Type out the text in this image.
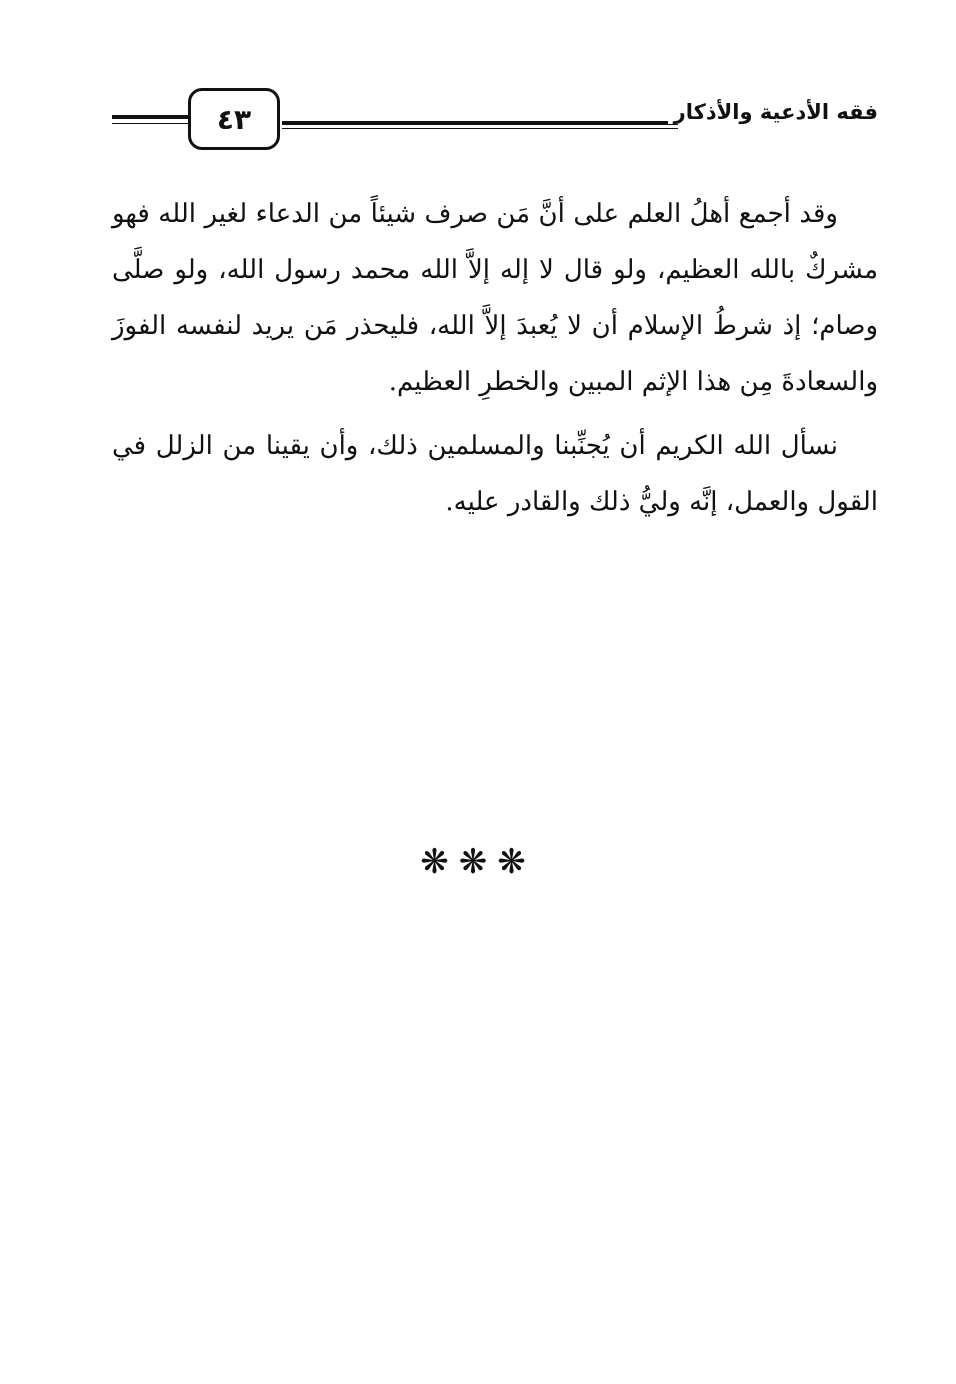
٤٣	فقه الأدعية والأذكار

وقد أجمع أهلُ العلم على أنَّ مَن صرف شيئاً من الدعاء لغير الله فهو مشركٌ بالله العظيم، ولو قال لا إله إلاَّ الله محمد رسول الله، ولو صلَّى وصام؛ إذ شرطُ الإسلام أن لا يُعبدَ إلاَّ الله، فليحذر مَن يريد لنفسه الفوزَ والسعادةَ مِن هذا الإثم المبين والخطرِ العظيم.

نسأل الله الكريم أن يُجنِّبنا والمسلمين ذلك، وأن يقينا من الزلل في القول والعمل، إنَّه وليُّ ذلك والقادر عليه.

❋❋❋
